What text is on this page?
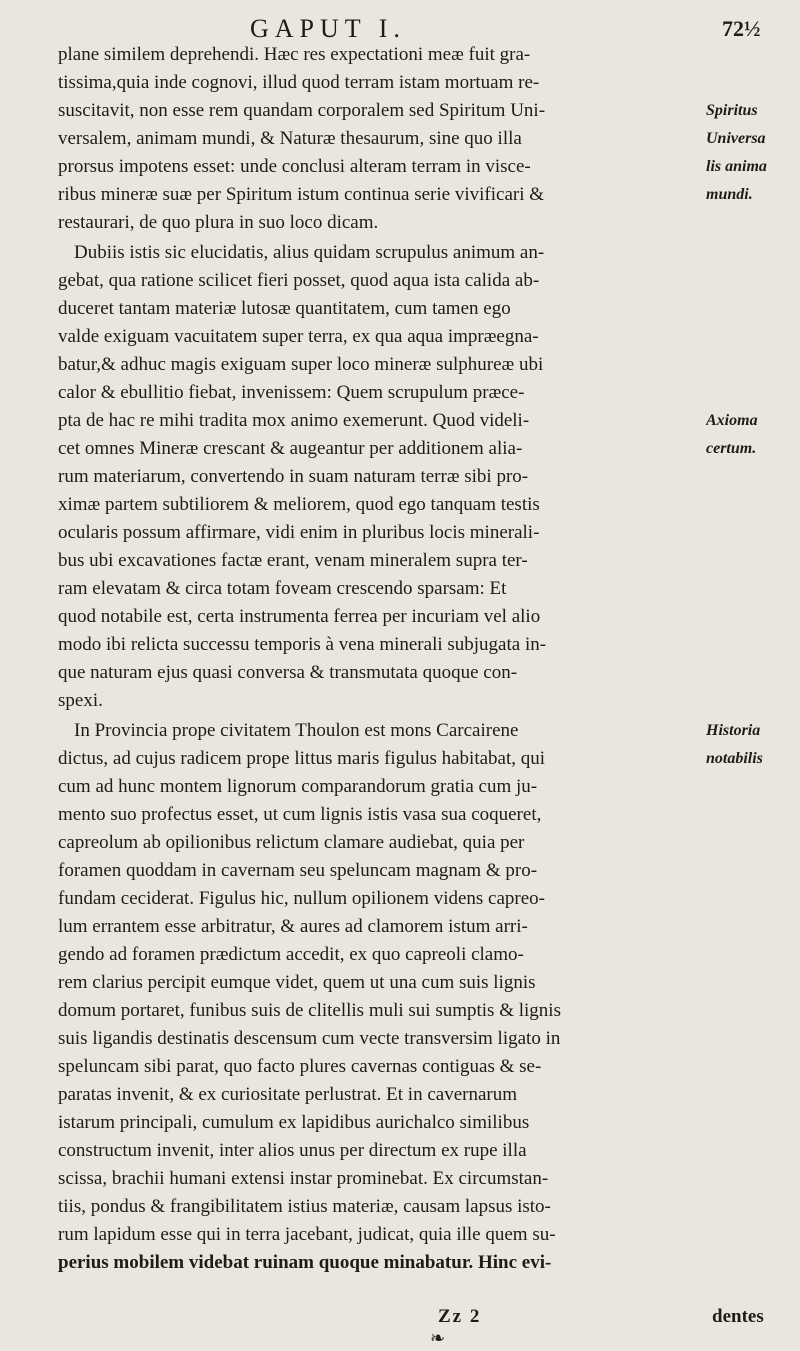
GAPUT I.	72½
plane similem deprehendi. Hæc res expectationi meæ fuit gra-
tissima,quia inde cognovi, illud quod terram istam mortuam re-
suscitavit, non esse rem quandam corporalem sed Spiritum Uni-
versalem, animam mundi, & Naturæ thesaurum, sine quo illa
prorsus impotens esset: unde conclusi alteram terram in visce-
ribus mineræ suæ per Spiritum istum continua serie vivificari &
restaurari, de quo plura in suo loco dicam.
Dubiis istis sic elucidatis, alius quidam scrupulus animum an-
gebat, qua ratione scilicet fieri posset, quod aqua ista calida ab-
duceret tantam materiæ lutosæ quantitatem, cum tamen ego
valde exiguam vacuitatem super terra, ex qua aqua impræegna-
batur,& adhuc magis exiguam super loco mineræ sulphureæ ubi
calor & ebullitio fiebat, invenissem: Quem scrupulum præce-
pta de hac re mihi tradita mox animo exemerunt. Quod videli-
cet omnes Mineræ crescant & augeantur per additionem alia-
rum materiarum, convertendo in suam naturam terræ sibi pro-
ximæ partem subtiliorem & meliorem, quod ego tanquam testis
ocularis possum affirmare, vidi enim in pluribus locis minerali-
bus ubi excavationes factæ erant, venam mineralem supra ter-
ram elevatam & circa totam foveam crescendo sparsam: Et
quod notabile est, certa instrumenta ferrea per incuriam vel alio
modo ibi relicta successu temporis à vena minerali subjugata in-
que naturam ejus quasi conversa & transmutata quoque con-
spexi.
In Provincia prope civitatem Thoulon est mons Carcairene
dictus, ad cujus radicem prope littus maris figulus habitabat, qui
cum ad hunc montem lignorum comparandorum gratia cum ju-
mento suo profectus esset, ut cum lignis istis vasa sua coqueret,
capreolum ab opilionibus relictum clamare audiebat, quia per
foramen quoddam in cavernam seu speluncam magnam & pro-
fundam ceciderat. Figulus hic, nullum opilionem videns capreo-
lum errantem esse arbitratur, & aures ad clamorem istum arri-
gendo ad foramen prædictum accedit, ex quo capreoli clamo-
rem clarius percipit eumque videt, quem ut una cum suis lignis
domum portaret, funibus suis de clitellis muli sui sumptis & lignis
suis ligandis destinatis descensum cum vecte transversim ligato in
speluncam sibi parat, quo facto plures cavernas contiguas & se-
paratas invenit, & ex curiositate perlustrat. Et in cavernarum
istarum principali, cumulum ex lapidibus aurichalco similibus
constructum invenit, inter alios unus per directum ex rupe illa
scissa, brachii humani extensi instar prominebat. Ex circumstan-
tiis, pondus & frangibilitatem istius materiæ, causam lapsus isto-
rum lapidum esse qui in terra jacebant, judicat, quia ille quem su-
perius mobilem videbat ruinam quoque minabatur. Hinc evi-
Spiritus
Universa
lis anima
mundi.
Axioma
certum.
Historia
notabilis
Zz 2	dentes
❧
